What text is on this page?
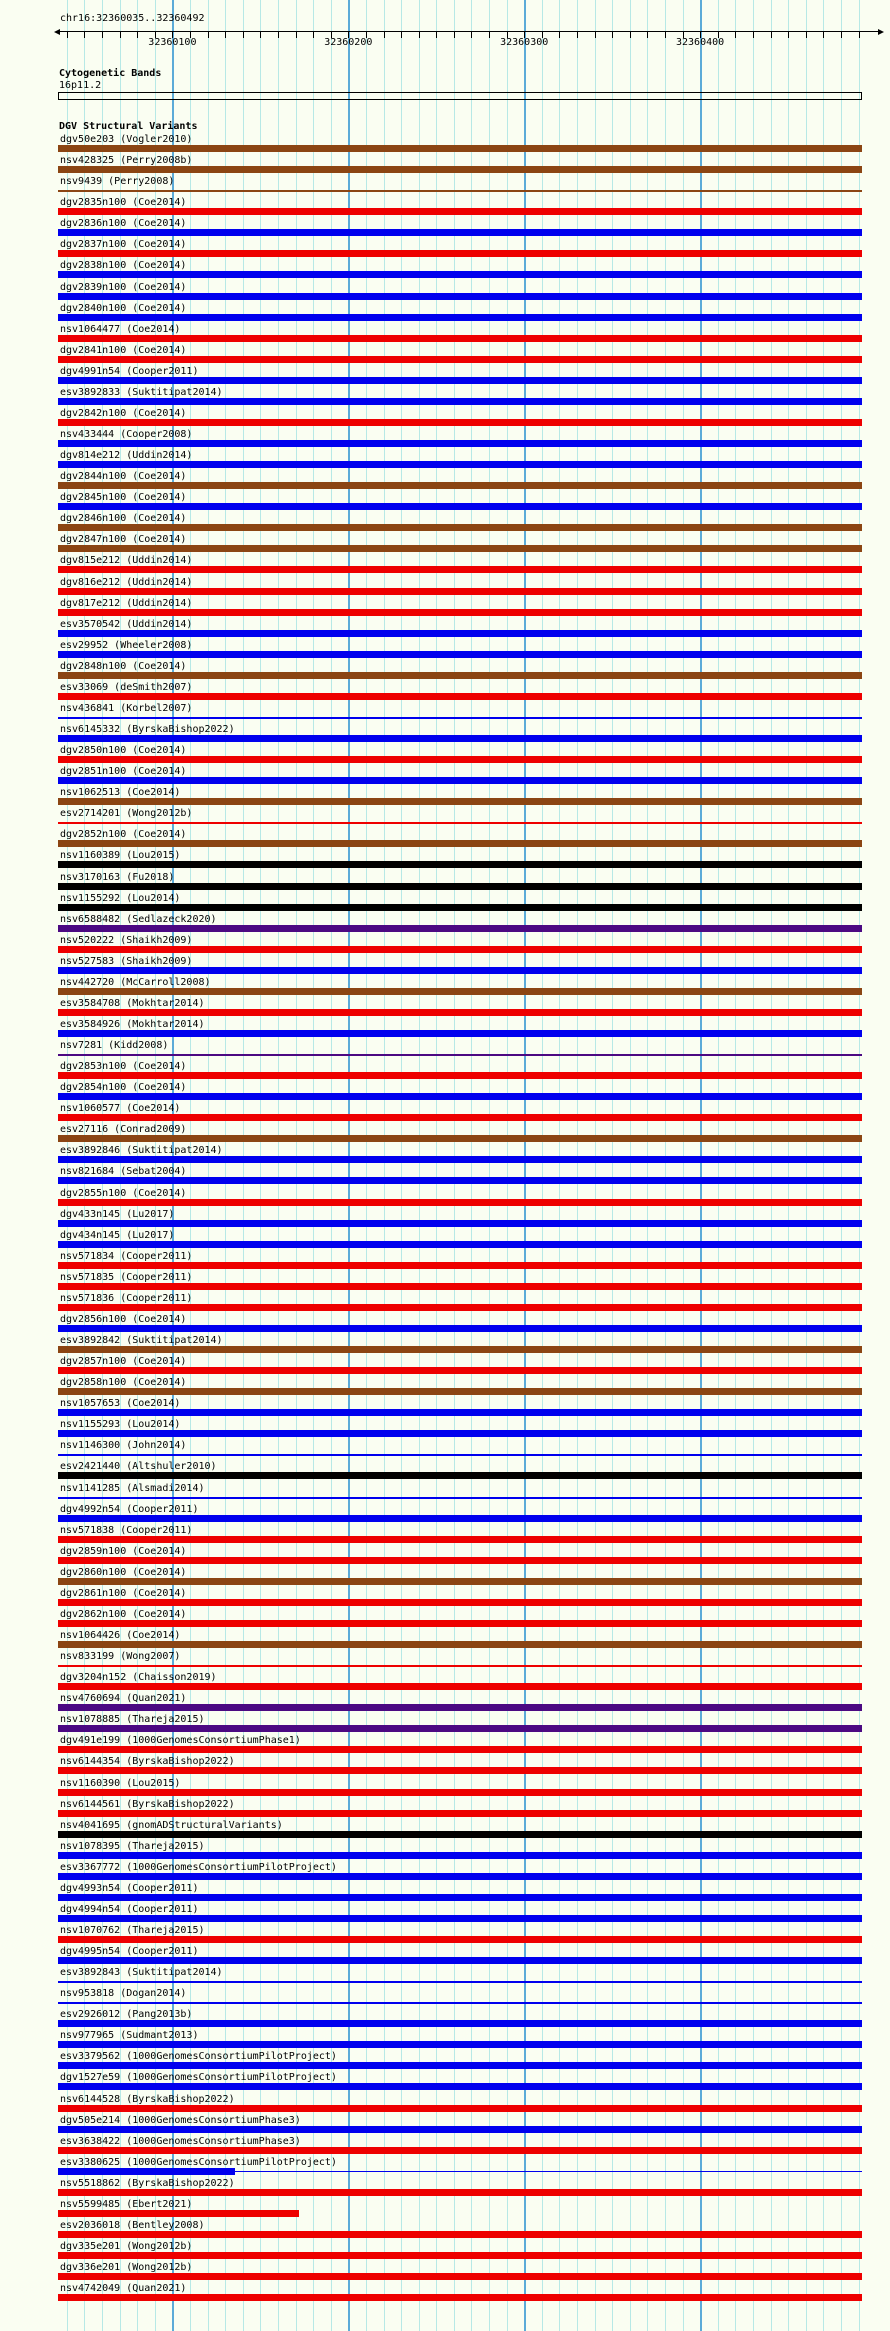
chr16:32360035..32360492
32360100	32360200	32360300	32360400
Cytogenetic Bands
16p11.2
DGV Structural Variants
dgv50e203 (Vogler2010)
nsv428325 (Perry2008b)
nsv9439 (Perry2008)
dgv2835n100 (Coe2014)
dgv2836n100 (Coe2014)
dgv2837n100 (Coe2014)
dgv2838n100 (Coe2014)
dgv2839n100 (Coe2014)
dgv2840n100 (Coe2014)
nsv1064477 (Coe2014)
dgv2841n100 (Coe2014)
dgv4991n54 (Cooper2011)
esv3892833 (Suktitipat2014)
dgv2842n100 (Coe2014)
nsv433444 (Cooper2008)
dgv814e212 (Uddin2014)
dgv2844n100 (Coe2014)
dgv2845n100 (Coe2014)
dgv2846n100 (Coe2014)
dgv2847n100 (Coe2014)
dgv815e212 (Uddin2014)
dgv816e212 (Uddin2014)
dgv817e212 (Uddin2014)
esv3570542 (Uddin2014)
esv29952 (Wheeler2008)
dgv2848n100 (Coe2014)
esv33069 (deSmith2007)
nsv436841 (Korbel2007)
nsv6145332 (ByrskaBishop2022)
dgv2850n100 (Coe2014)
dgv2851n100 (Coe2014)
nsv1062513 (Coe2014)
esv2714201 (Wong2012b)
dgv2852n100 (Coe2014)
nsv1160389 (Lou2015)
nsv3170163 (Fu2018)
nsv1155292 (Lou2014)
nsv6588482 (Sedlazeck2020)
nsv520222 (Shaikh2009)
nsv527583 (Shaikh2009)
nsv442720 (McCarroll2008)
esv3584708 (Mokhtar2014)
esv3584926 (Mokhtar2014)
nsv7281 (Kidd2008)
dgv2853n100 (Coe2014)
dgv2854n100 (Coe2014)
nsv1060577 (Coe2014)
esv27116 (Conrad2009)
esv3892846 (Suktitipat2014)
nsv821684 (Sebat2004)
dgv2855n100 (Coe2014)
dgv433n145 (Lu2017)
dgv434n145 (Lu2017)
nsv571834 (Cooper2011)
nsv571835 (Cooper2011)
nsv571836 (Cooper2011)
dgv2856n100 (Coe2014)
esv3892842 (Suktitipat2014)
dgv2857n100 (Coe2014)
dgv2858n100 (Coe2014)
nsv1057653 (Coe2014)
nsv1155293 (Lou2014)
nsv1146300 (John2014)
esv2421440 (Altshuler2010)
nsv1141285 (Alsmadi2014)
dgv4992n54 (Cooper2011)
nsv571838 (Cooper2011)
dgv2859n100 (Coe2014)
dgv2860n100 (Coe2014)
dgv2861n100 (Coe2014)
dgv2862n100 (Coe2014)
nsv1064426 (Coe2014)
nsv833199 (Wong2007)
dgv3204n152 (Chaisson2019)
nsv4760694 (Quan2021)
nsv1078885 (Thareja2015)
dgv491e199 (1000GenomesConsortiumPhase1)
nsv6144354 (ByrskaBishop2022)
nsv1160390 (Lou2015)
nsv6144561 (ByrskaBishop2022)
nsv4041695 (gnomADStructuralVariants)
nsv1078395 (Thareja2015)
esv3367772 (1000GenomesConsortiumPilotProject)
dgv4993n54 (Cooper2011)
dgv4994n54 (Cooper2011)
nsv1070762 (Thareja2015)
dgv4995n54 (Cooper2011)
esv3892843 (Suktitipat2014)
nsv953818 (Dogan2014)
esv2926012 (Pang2013b)
nsv977965 (Sudmant2013)
esv3379562 (1000GenomesConsortiumPilotProject)
dgv1527e59 (1000GenomesConsortiumPilotProject)
nsv6144528 (ByrskaBishop2022)
dgv505e214 (1000GenomesConsortiumPhase3)
esv3638422 (1000GenomesConsortiumPhase3)
esv3380625 (1000GenomesConsortiumPilotProject)
nsv5518862 (ByrskaBishop2022)
nsv5599485 (Ebert2021)
esv2036018 (Bentley2008)
dgv335e201 (Wong2012b)
dgv336e201 (Wong2012b)
nsv4742049 (Quan2021)
